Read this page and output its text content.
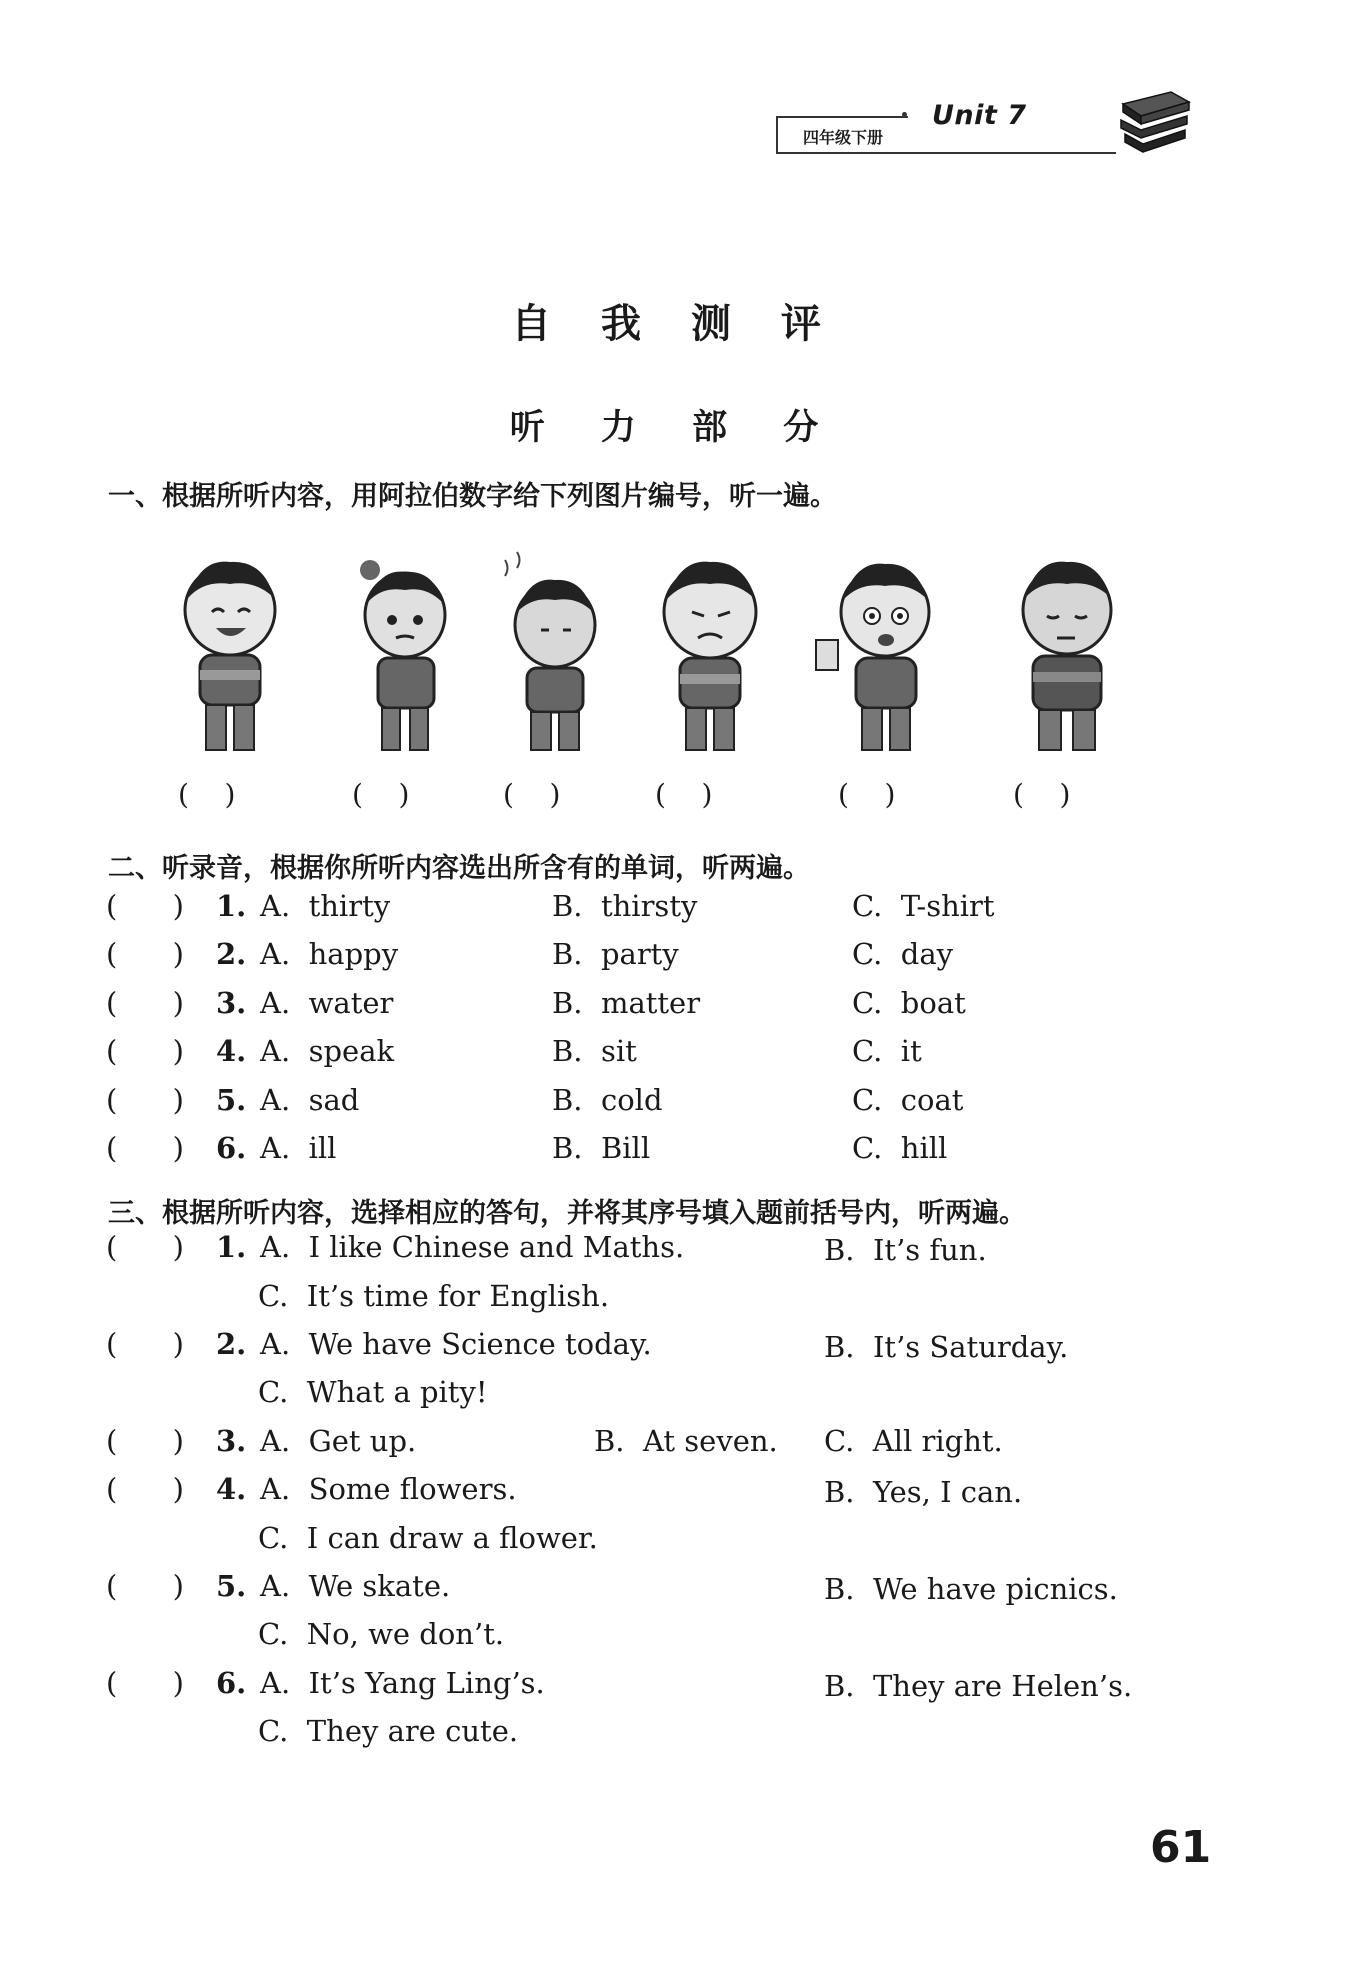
Unit 7
四年级下册
自 我 测 评
听 力 部 分
一、根据所听内容，用阿拉伯数字给下列图片编号，听一遍。
(    )	(    )	(    )	(    )	(    )	(    )
二、听录音，根据你所听内容选出所含有的单词，听两遍。
(      ) 1. A.  thirty	B.  thirsty	C.  T-shirt
(      ) 2. A.  happy	B.  party	C.  day
(      ) 3. A.  water	B.  matter	C.  boat
(      ) 4. A.  speak	B.  sit	C.  it
(      ) 5. A.  sad	B.  cold	C.  coat
(      ) 6. A.  ill	B.  Bill	C.  hill
三、根据所听内容，选择相应的答句，并将其序号填入题前括号内，听两遍。
(      ) 1. A.  I like Chinese and Maths.	B.  It’s fun.
C.  It’s time for English.
(      ) 2. A.  We have Science today.	B.  It’s Saturday.
C.  What a pity!
(      ) 3. A.  Get up.	B.  At seven. C.  All right.
(      ) 4. A.  Some flowers.	B.  Yes, I can.
C.  I can draw a flower.
(      ) 5. A.  We skate.	B.  We have picnics.
C.  No, we don’t.
(      ) 6. A.  It’s Yang Ling’s.	B.  They are Helen’s.
C.  They are cute.
61
